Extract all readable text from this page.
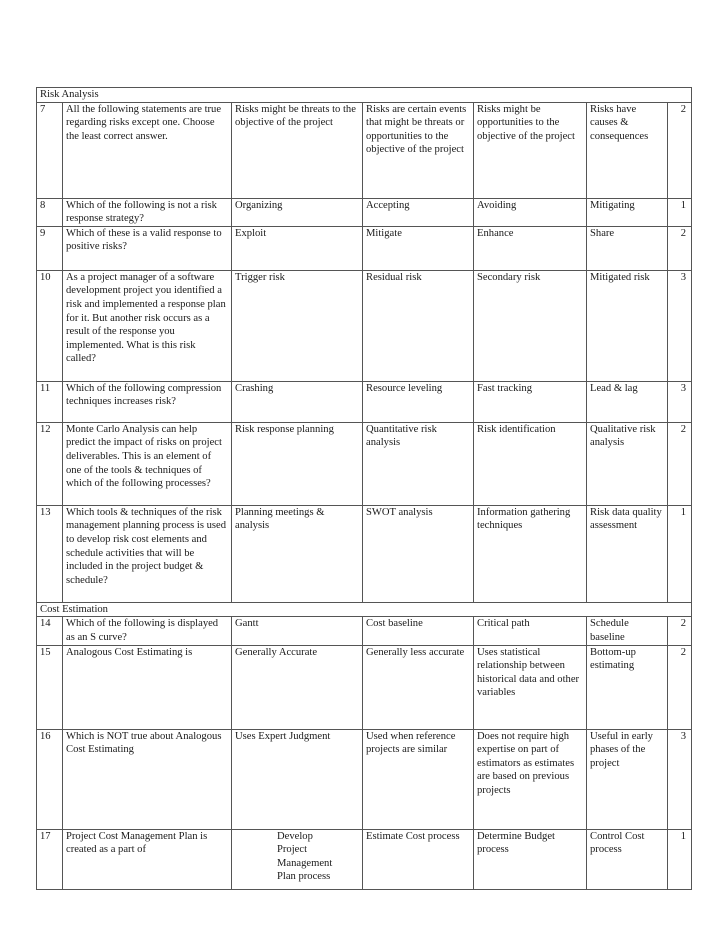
Risk Analysis						
7	All the following statements are true regarding risks except one. Choose the least correct answer.	Risks might be threats to the objective of the project	Risks are certain events that might be threats or opportunities to the objective of the project	Risks might be opportunities to the objective of the project	Risks have causes & consequences	2
8	Which of the following is not a risk response strategy?	Organizing	Accepting	Avoiding	Mitigating	1
9	Which of these is a valid response to positive risks?	Exploit	Mitigate	Enhance	Share	2
10	As a project manager of a software development project you identified a risk and implemented a response plan for it. But another risk occurs as a result of the response you implemented. What is this risk called?	Trigger risk	Residual risk	Secondary risk	Mitigated risk	3
11	Which of the following compression techniques increases risk?	Crashing	Resource leveling	Fast tracking	Lead & lag	3
12	Monte Carlo Analysis can help predict the impact of risks on project deliverables. This is an element of one of the tools & techniques of which of the following processes?	Risk response planning	Quantitative risk analysis	Risk identification	Qualitative risk analysis	2
13	Which tools & techniques of the risk management planning process is used to develop risk cost elements and schedule activities that will be included in the project budget & schedule?	Planning meetings & analysis	SWOT analysis	Information gathering techniques	Risk data quality assessment	1
Cost Estimation						
14	Which of the following is displayed as an S curve?	Gantt	Cost baseline	Critical path	Schedule baseline	2
15	Analogous Cost Estimating is	Generally Accurate	Generally less accurate	Uses statistical relationship between historical data and other variables	Bottom-up estimating	2
16	Which is NOT true about Analogous Cost Estimating	Uses Expert Judgment	Used when reference projects are similar	Does not require high expertise on part of estimators as estimates are based on previous projects	Useful in early phases of the project	3
17	Project Cost Management Plan is created as a part of	Develop Project Management Plan process	Estimate Cost process	Determine Budget process	Control Cost process	1
